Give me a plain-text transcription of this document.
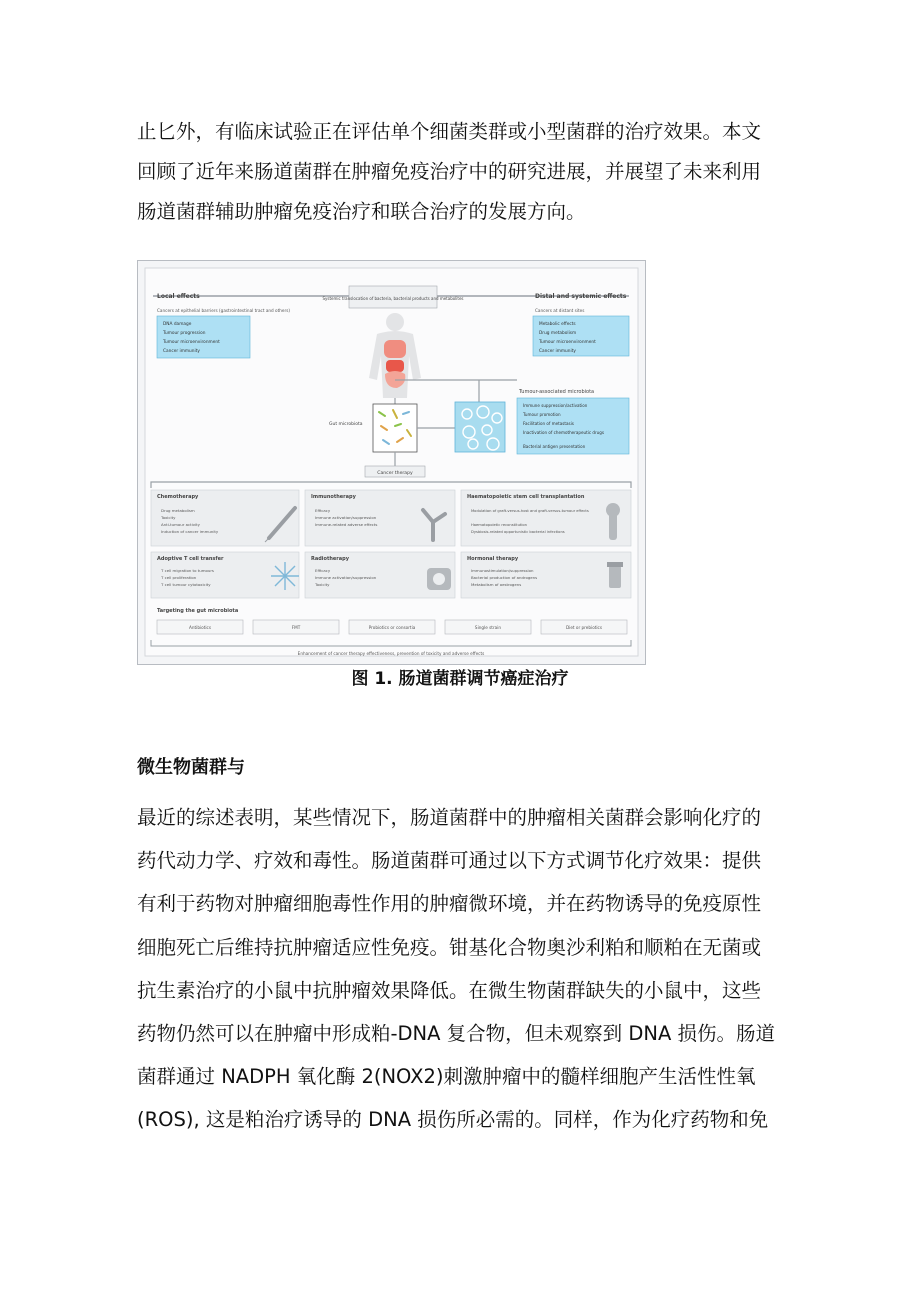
止匕外，有临床试验正在评估单个细菌类群或小型菌群的治疗效果。本文
回顾了近年来肠道菌群在肿瘤免疫治疗中的研究进展，并展望了未来利用
肠道菌群辅助肿瘤免疫治疗和联合治疗的发展方向。
Local effects
Cancers at epithelial barriers (gastrointestinal tract and others)
DNA damage
Tumour progression
Tumour microenvironment
Cancer immunity
Systemic translocation of bacteria, bacterial products and metabolites	Distal and systemic effects
Cancers at distant sites
Metabolic effects
Drug metabolism
Tumour microenvironment
Cancer immunity
Gut microbiota
Tumour-associated microbiota
Immune suppression/activation
Tumour promotion
Facilitation of metastasis
Inactivation of chemotherapeutic drugs
Bacterial antigen presentation
Cancer therapy
Chemotherapy
Drug metabolism
Toxicity
Anti-tumour activity
Induction of cancer immunity
Immunotherapy
Efficacy
Immune activation/suppression
Immune-related adverse effects
Haematopoietic stem cell transplantation
Modulation of graft-versus-host and graft-versus-tumour effects
Haematopoietic reconstitution
Dysbiosis-related opportunistic bacterial infections
Adoptive T cell transfer
T cell migration to tumours
T cell proliferation
T cell tumour cytotoxicity
Radiotherapy
Efficacy
Immune activation/suppression
Toxicity
Hormonal therapy
Immunostimulation/suppression
Bacterial production of androgens
Metabolism of oestrogens
Targeting the gut microbiota
Antibiotics	FMT	Probiotics or consortia	Single strain	Diet or prebiotics
Enhancement of cancer therapy effectiveness, prevention of toxicity and adverse effects
图 1. 肠道菌群调节癌症治疗
微生物菌群与
最近的综述表明，某些情况下，肠道菌群中的肿瘤相关菌群会影响化疗的
药代动力学、疗效和毒性。肠道菌群可通过以下方式调节化疗效果：提供
有利于药物对肿瘤细胞毒性作用的肿瘤微环境，并在药物诱导的免疫原性
细胞死亡后维持抗肿瘤适应性免疫。钳基化合物奥沙利粕和顺粕在无菌或
抗生素治疗的小鼠中抗肿瘤效果降低。在微生物菌群缺失的小鼠中，这些
药物仍然可以在肿瘤中形成粕-DNA 复合物，但未观察到 DNA 损伤。肠道
菌群通过 NADPH 氧化酶 2(NOX2)刺激肿瘤中的髓样细胞产生活性性氧
(ROS), 这是粕治疗诱导的 DNA 损伤所必需的。同样，作为化疗药物和免
